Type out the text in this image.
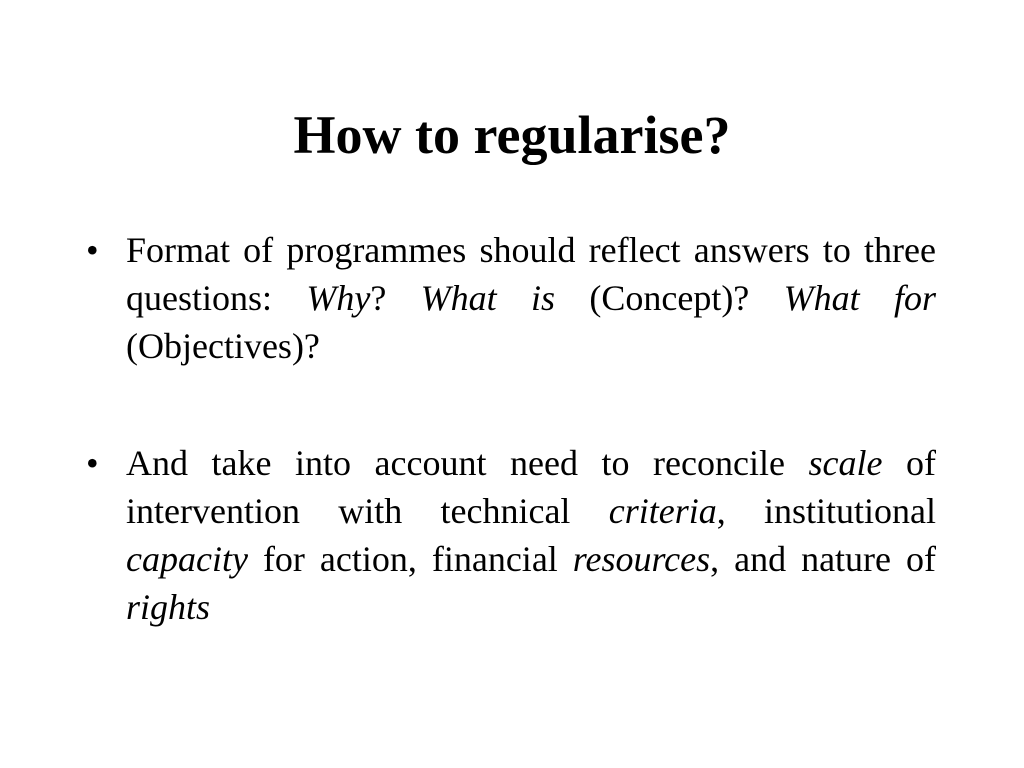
How to regularise?
• Format of programmes should reflect answers to three questions: Why? What is (Concept)? What for (Objectives)?
• And take into account need to reconcile scale of intervention with technical criteria, institutional capacity for action, financial resources, and nature of rights
